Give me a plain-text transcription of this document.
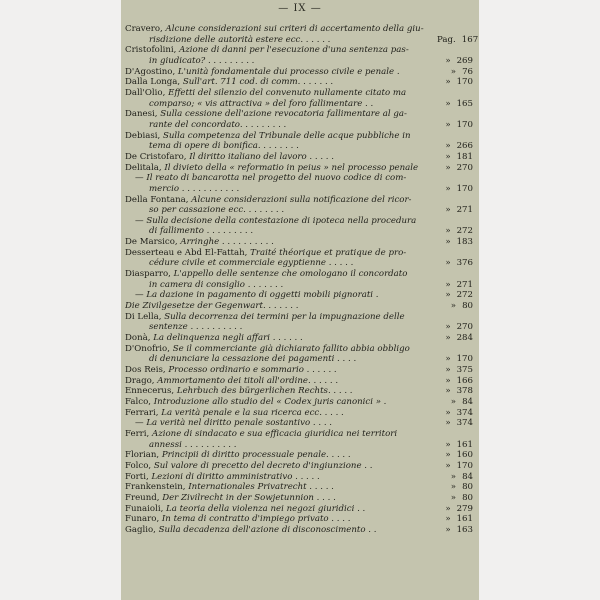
— IX —
Cravero, Alcune considerazioni sui criteri di accertamento della giu-
risdizione delle autorità estere ecc. . . . . .	Pag. 167
Cristofolini, Azione di danni per l'esecuzione d'una sentenza pas-
in giudicato? . . . . . . . . .	» 269
D'Agostino, L'unità fondamentale dui processo civile e penale .	» 76
Dalla Longa, Sull'art. 711 cod. di comm. . . . . . .	» 170
Dall'Olio, Effetti del silenzio del convenuto nullamente citato ma
comparso; « vis attractiva » del foro fallimentare . .	» 165
Danesi, Sulla cessione dell'azione revocatoria fallimentare al ga-
rante del concordato. . . . . . . . .	» 170
Debiasi, Sulla competenza del Tribunale delle acque pubbliche in
tema di opere di bonifica. . . . . . . .	» 266
De Cristofaro, Il diritto italiano del lavoro . . . . .	» 181
Delitala, Il divieto della « reformatio in peius » nel processo penale	» 270
— Il reato di bancarotta nel progetto del nuovo codice di com-
mercio . . . . . . . . . . .	» 170
Della Fontana, Alcune considerazioni sulla notificazione del ricor-
so per cassazione ecc. . . . . . . .	» 271
— Sulla decisione della contestazione di ipoteca nella procedura
di fallimento . . . . . . . . .	» 272
De Marsico, Arringhe . . . . . . . . . .	» 183
Desserteau e Abd El-Fattah, Traité théorique et pratique de pro-
cédure civile et commerciale egyptienne . . . . .	» 376
Diasparro, L'appello delle sentenze che omologano il concordato
in camera di consiglio . . . . . . .	» 271
— La dazione in pagamento di oggetti mobili pignorati .	» 272
Die Zivilgesetze der Gegenwart. . . . . . .	» 80
Di Lella, Sulla decorrenza dei termini per la impugnazione delle
sentenze . . . . . . . . . .	» 270
Donà, La delinquenza negli affari . . . . . .	» 284
D'Onofrio, Se il commerciante già dichiarato fallito abbia obbligo
di denunciare la cessazione dei pagamenti . . . .	» 170
Dos Reis, Processo ordinario e sommario . . . . . .	» 375
Drago, Ammortamento dei titoli all'ordine. . . . . .	» 166
Ennecerus, Lehrbuch des bürgerlichen Rechts. . . . .	» 378
Falco, Introduzione allo studio del « Codex juris canonici » .	» 84
Ferrari, La verità penale e la sua ricerca ecc. . . . .	» 374
— La verità nel diritto penale sostantivo . . . .	» 374
Ferri, Azione di sindacato e sua efficacia giuridica nei territori
annessi . . . . . . . . . .	» 161
Florian, Principii di diritto processuale penale. . . . .	» 160
Folco, Sul valore di precetto del decreto d'ingiunzione . .	» 170
Forti, Lezioni di diritto amministrativo . . . . .	» 84
Frankenstein, Internationales Privatrecht . . . . .	» 80
Freund, Der Zivilrecht in der Sowjetunnion . . . .	» 80
Funaioli, La teoria della violenza nei negozi giuridici . .	» 279
Funaro, In tema di contratto d'impiego privato . . . .	» 161
Gaglio, Sulla decadenza dell'azione di disconoscimento . .	» 163
